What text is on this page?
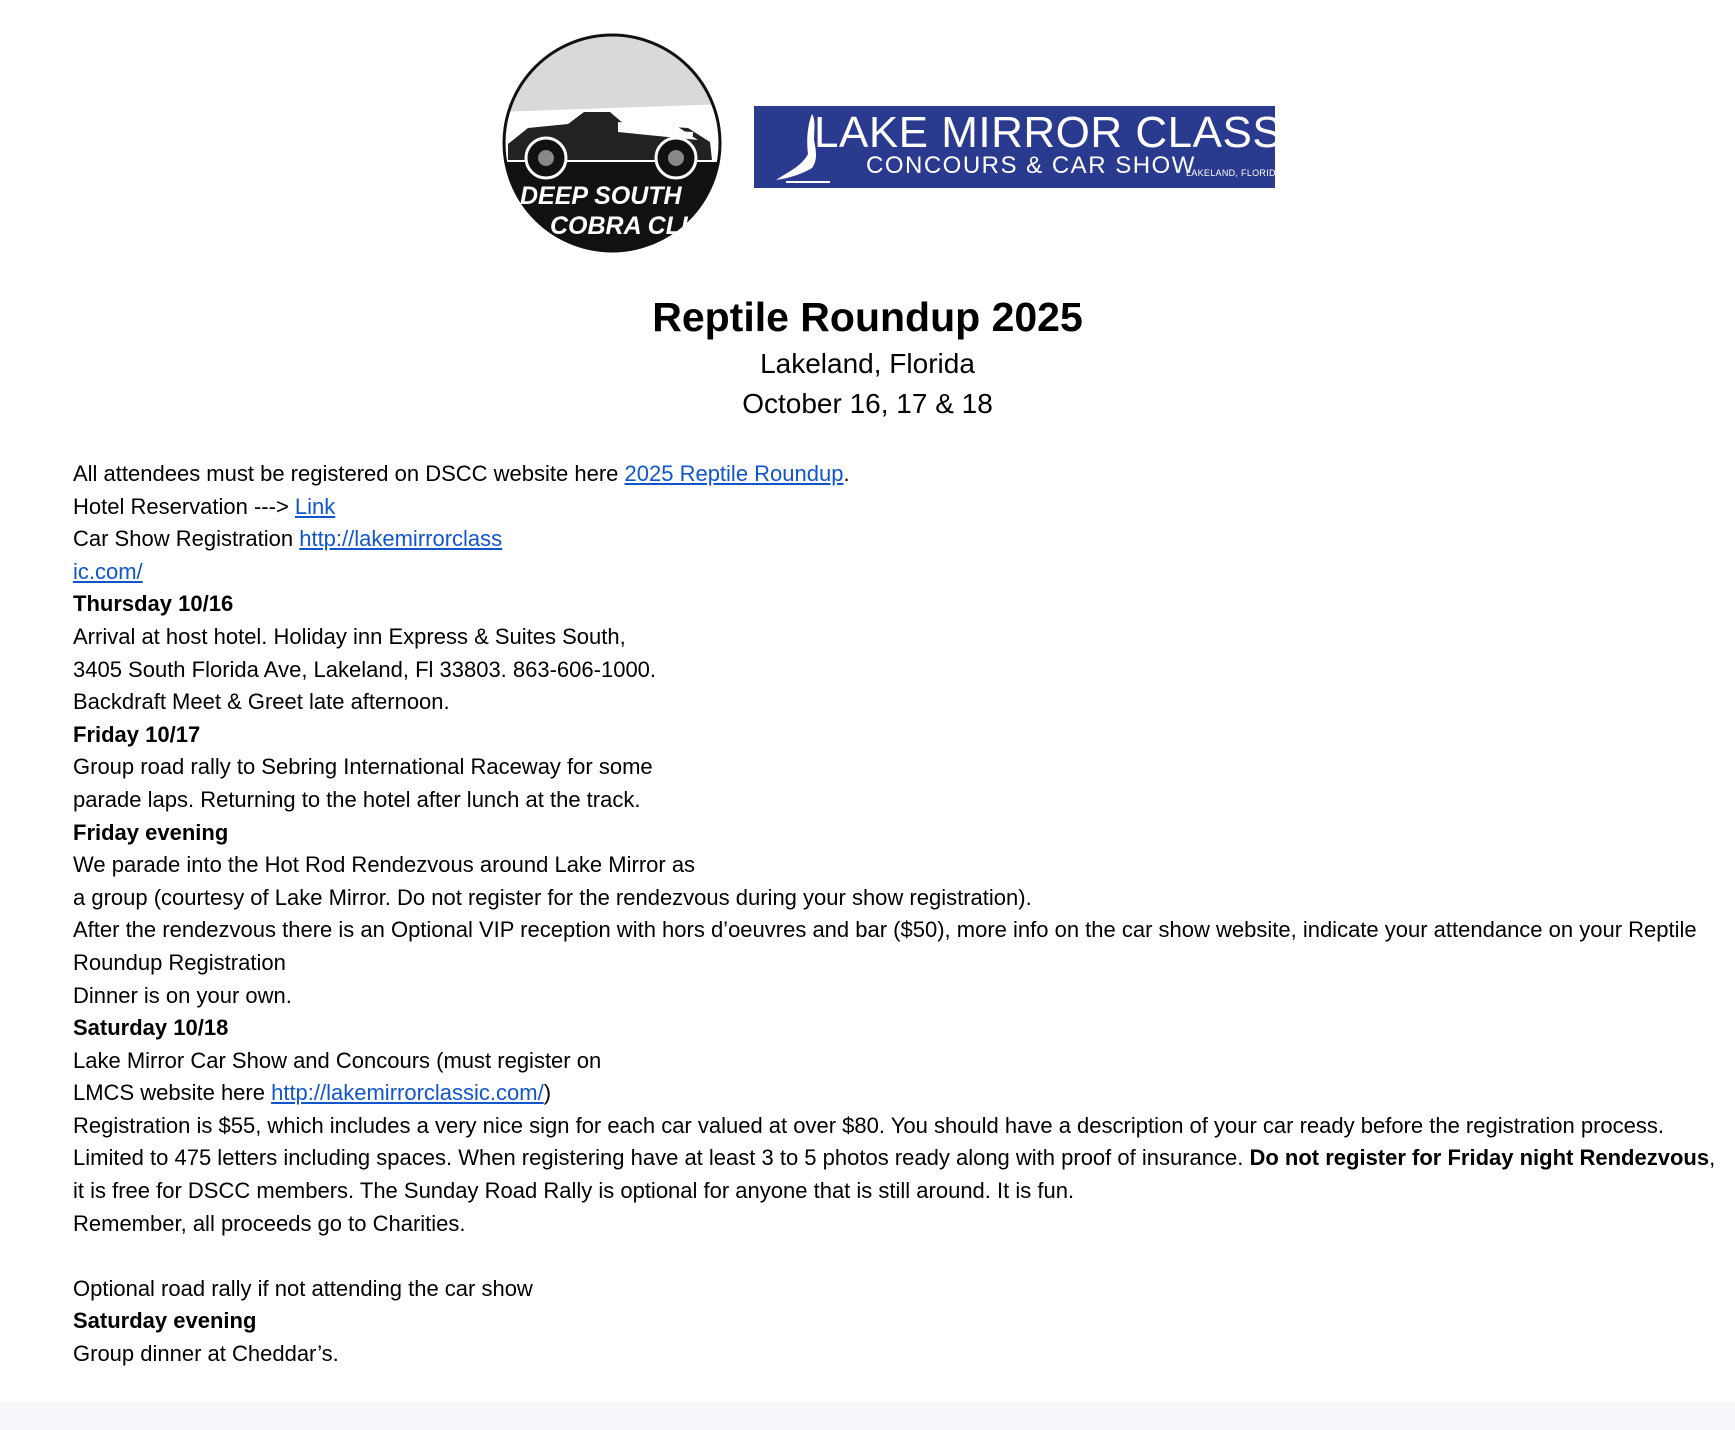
DEEP SOUTH
COBRA CLUB
LAKE MIRROR CLASSIC
CONCOURS & CAR SHOW
LAKELAND, FLORIDA
Reptile Roundup 2025
Lakeland, Florida
October 16, 17 & 18

All attendees must be registered on DSCC website here 2025 Reptile Roundup.

Hotel Reservation ---> Link

Car Show Registration http://lakemirrorclass

ic.com/

Thursday 10/16

Arrival at host hotel. Holiday inn Express & Suites South,

3405 South Florida Ave, Lakeland, Fl 33803. 863-606-1000.

Backdraft Meet & Greet late afternoon.

Friday 10/17

Group road rally to Sebring International Raceway for some

parade laps. Returning to the hotel after lunch at the track.

Friday evening

We parade into the Hot Rod Rendezvous around Lake Mirror as

a group (courtesy of Lake Mirror. Do not register for the rendezvous during your show registration).

After the rendezvous there is an Optional VIP reception with hors d’oeuvres and bar ($50), more info on the car show website, indicate your attendance on your Reptile Roundup Registration

Dinner is on your own.

Saturday 10/18

Lake Mirror Car Show and Concours (must register on

LMCS website here http://lakemirrorclassic.com/)

Registration is $55, which includes a very nice sign for each car valued at over $80. You should have a description of your car ready before the registration process. Limited to 475 letters including spaces. When registering have at least 3 to 5 photos ready along with proof of insurance. Do not register for Friday night Rendezvous, it is free for DSCC members. The Sunday Road Rally is optional for anyone that is still around. It is fun.

Remember, all proceeds go to Charities.

Optional road rally if not attending the car show

Saturday evening

Group dinner at Cheddar’s.
